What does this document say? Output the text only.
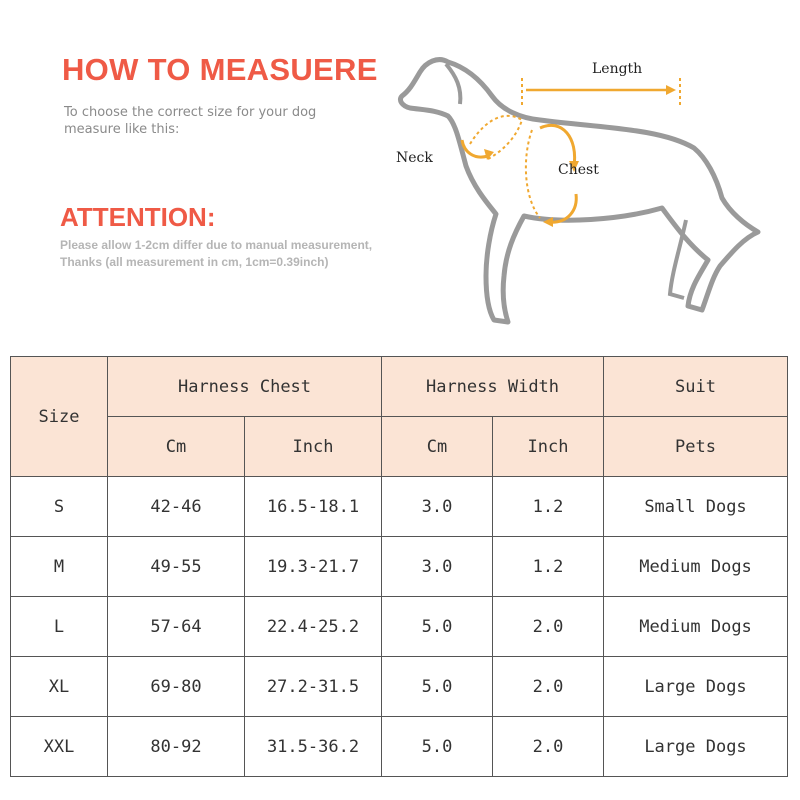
HOW TO MEASUERE
To choose the correct size for your dog
measure like this:
ATTENTION:
Please allow 1-2cm differ due to manual measurement,
Thanks (all measurement in cm, 1cm=0.39inch)
Length
Neck
Chest
Size	Harness Chest		Harness Width		Suit
	Cm	Inch	Cm	Inch	Pets
S	42-46	16.5-18.1	3.0	1.2	Small Dogs
M	49-55	19.3-21.7	3.0	1.2	Medium Dogs
L	57-64	22.4-25.2	5.0	2.0	Medium Dogs
XL	69-80	27.2-31.5	5.0	2.0	Large Dogs
XXL	80-92	31.5-36.2	5.0	2.0	Large Dogs
